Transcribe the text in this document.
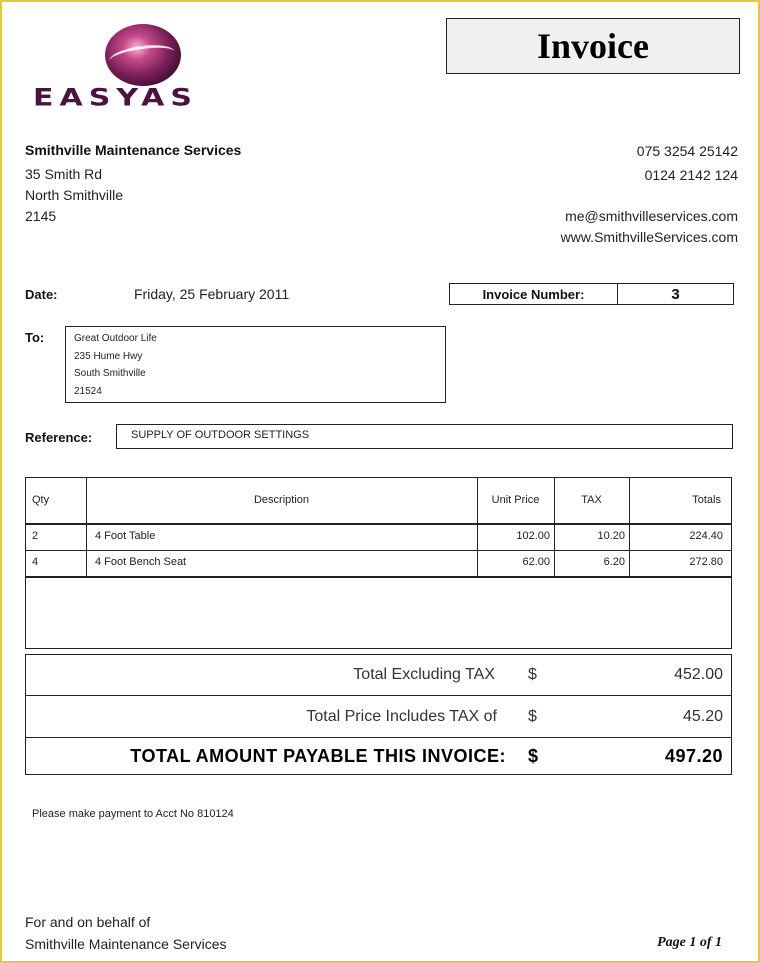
EASYAS
Invoice
Smithville Maintenance Services
35 Smith Rd
North Smithville
2145
075 3254 25142
0124 2142 124
me@smithvilleservices.com
www.SmithvilleServices.com
Date:	Friday, 25 February 2011	Invoice Number:	3
To:	Great Outdoor Life
235 Hume Hwy
South Smithville
21524
Reference:	SUPPLY OF OUTDOOR SETTINGS
Qty	Description	Unit Price	TAX	Totals
2	4 Foot Table	102.00	10.20	224.40
4	4 Foot Bench Seat	62.00	6.20	272.80
Total Excluding TAX $	452.00
Total Price Includes TAX of $	45.20
TOTAL AMOUNT PAYABLE THIS INVOICE: $	497.20
Please make payment to Acct No 810124
For and on behalf of
Smithville Maintenance Services	Page 1 of 1
